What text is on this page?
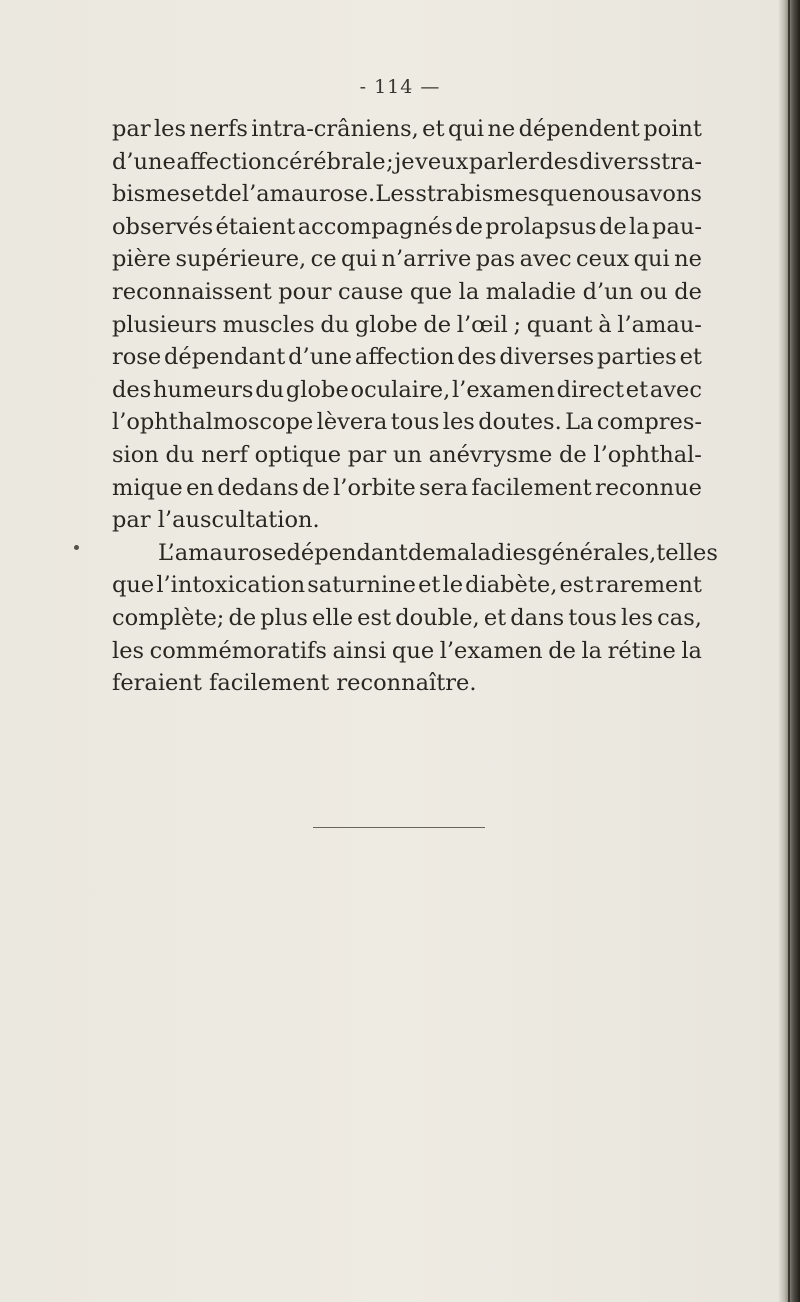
- 114 —
par les nerfs intra-crâniens, et qui ne dépendent point
d’une affection cérébrale ; je veux parler des divers stra-
bismes et de l’amaurose. Les strabismes que nous avons
observés étaient accompagnés de prolapsus de la pau-
pière supérieure, ce qui n’arrive pas avec ceux qui ne
reconnaissent pour cause que la maladie d’un ou de
plusieurs muscles du globe de l’œil ; quant à l’amau-
rose dépendant d’une affection des diverses parties et
des humeurs du globe oculaire, l’examen direct et avec
l’ophthalmoscope lèvera tous les doutes. La compres-
sion du nerf optique par un anévrysme de l’ophthal-
mique en dedans de l’orbite sera facilement reconnue
par l’auscultation.
L’amaurose dépendant de maladies générales, telles
que l’intoxication saturnine et le diabète, est rarement
complète; de plus elle est double, et dans tous les cas,
les commémoratifs ainsi que l’examen de la rétine la
feraient facilement reconnaître.
